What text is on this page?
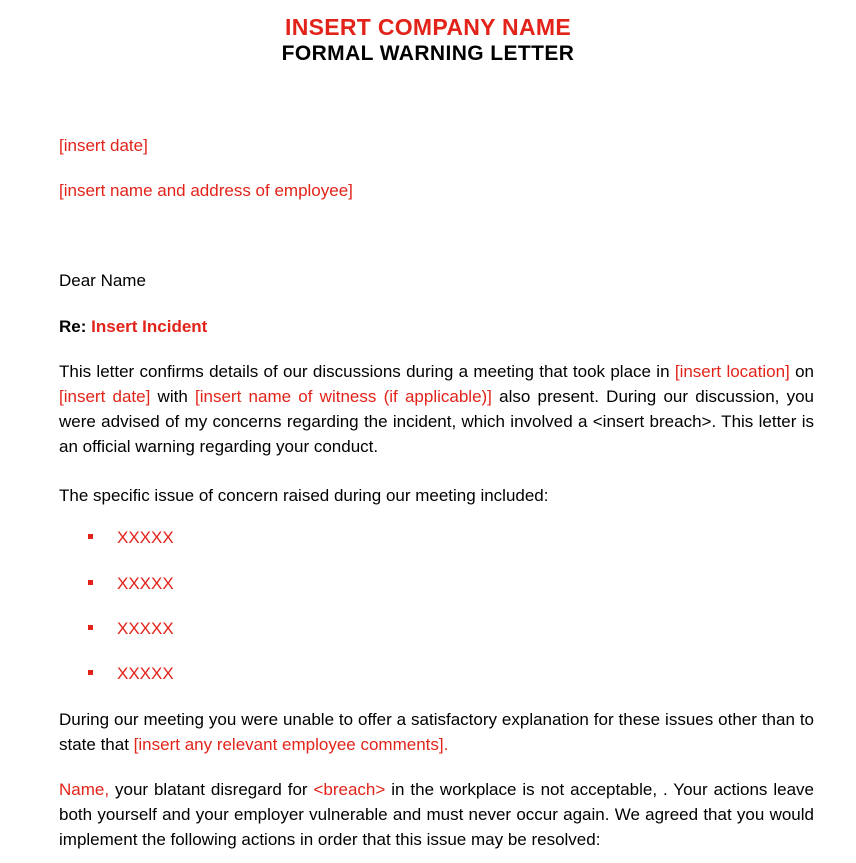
INSERT COMPANY NAME
FORMAL WARNING LETTER

[insert date]

[insert name and address of employee]

Dear Name

Re: Insert Incident

This letter confirms details of our discussions during a meeting that took place in [insert location] on [insert date] with [insert name of witness (if applicable)] also present. During our discussion, you were advised of my concerns regarding the incident, which involved a <insert breach>. This letter is an official warning regarding your conduct.

The specific issue of concern raised during our meeting included:

XXXXX

XXXXX

XXXXX

XXXXX

During our meeting you were unable to offer a satisfactory explanation for these issues other than to state that [insert any relevant employee comments].

Name, your blatant disregard for <breach> in the workplace is not acceptable, . Your actions leave both yourself and your employer vulnerable and must never occur again. We agreed that you would implement the following actions in order that this issue may be resolved:
